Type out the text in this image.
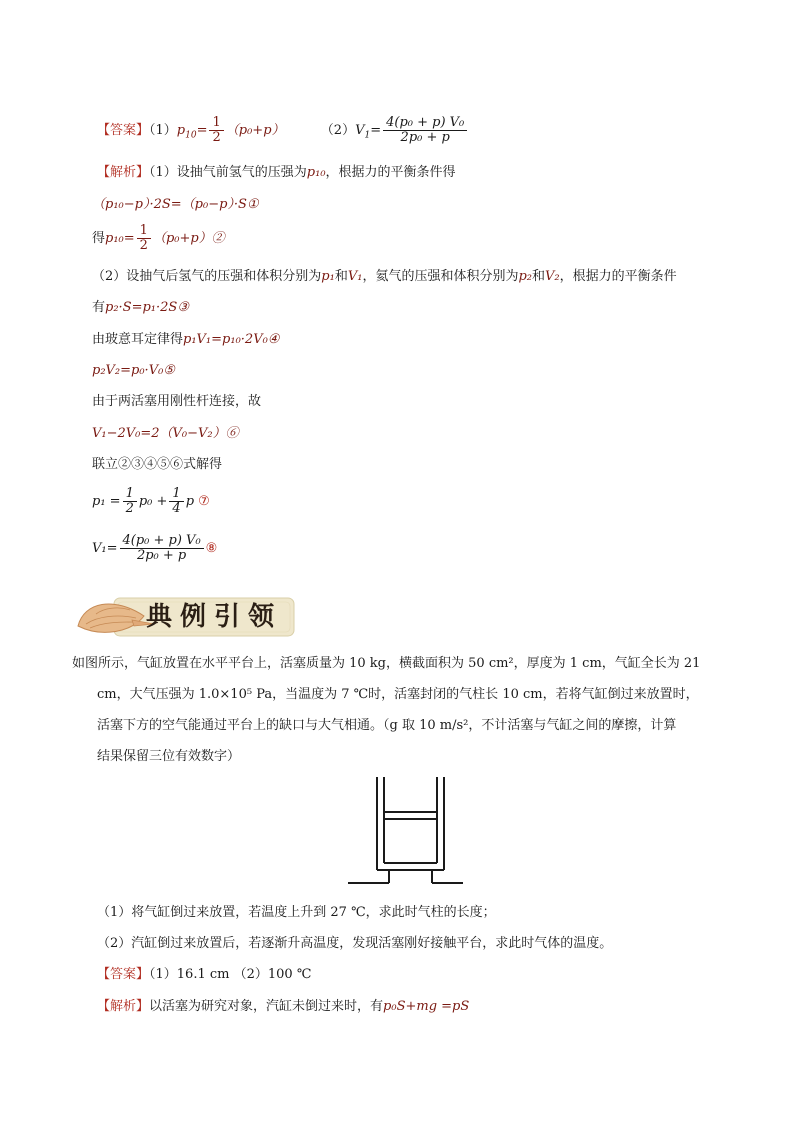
【答案】$(1)p_{10}= \frac{1}{2} (p_0+p)$	$(2)V_1= \frac{\text{4(p₀ + p) V₀}}{\text{2p₀ + p}}$
【解析】（1）设抽气前氢气的压强为p₁₀，根据力的平衡条件得
（p₁₀−p）·2S=（p₀−p）·S①
得$p_{10}= \frac{1}{2}$ （p₀+p）②
（2）设抽气后氢气的压强和体积分别为p₁和V₁，氦气的压强和体积分别为p₂和V₂，根据力的平衡条件
有p₂·S=p₁·2S③
由玻意耳定律得p₁V₁=p₁₀·2V₀④
p₂V₂=p₀·V₀⑤
由于两活塞用刚性杆连接，故
V₁−2V₀=2（V₀−V₂）⑥
联立②③④⑤⑥式解得
$p_1 = \frac{1}{2} p_0 + \frac{1}{4}$ p ⑦
$V_1= \frac{\text{4(p₀ + p) V₀}}{\text{2p₀ + p}}$ ⑧
典例引领
如图所示，气缸放置在水平平台上，活塞质量为 10 kg，横截面积为 50 cm²，厚度为 1 cm，气缸全长为 21
cm，大气压强为 1.0×10⁵ Pa，当温度为 7 ℃时，活塞封闭的气柱长 10 cm，若将气缸倒过来放置时，
活塞下方的空气能通过平台上的缺口与大气相通。（g 取 10 m/s²，不计活塞与气缸之间的摩擦，计算
结果保留三位有效数字）
（1）将气缸倒过来放置，若温度上升到 27 ℃，求此时气柱的长度；
（2）汽缸倒过来放置后，若逐渐升高温度，发现活塞刚好接触平台，求此时气体的温度。
【答案】（1）16.1 cm （2）100 ℃
【解析】以活塞为研究对象，汽缸未倒过来时，有p₀S+mg =pS
